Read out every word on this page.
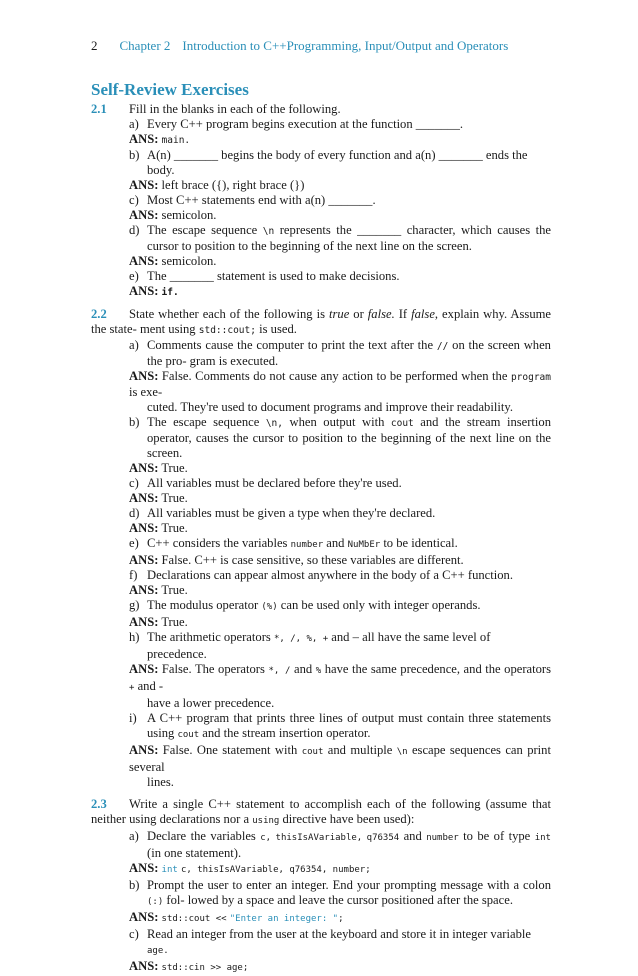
2 Chapter 2 Introduction to C++Programming, Input/Output and Operators
Self-Review Exercises

2.1 Fill in the blanks in each of the following.

a) Every C++ program begins execution at the function _______.

ANS: main.

b) A(n) _______ begins the body of every function and a(n) _______ ends the body.

ANS: left brace ({), right brace (})

c) Most C++ statements end with a(n) _______.

ANS: semicolon.

d) The escape sequence \n represents the _______ character, which causes the cursor to position to the beginning of the next line on the screen.

ANS: semicolon.

e) The _______ statement is used to make decisions.

ANS: if.

2.2 State whether each of the following is true or false. If false, explain why. Assume the state- ment using std::cout; is used.

a) Comments cause the computer to print the text after the // on the screen when the pro- gram is executed.

ANS: False. Comments do not cause any action to be performed when the program is exe-

cuted. They're used to document programs and improve their readability.

b) The escape sequence \n, when output with cout and the stream insertion operator, causes the cursor to position to the beginning of the next line on the screen.

ANS: True.

c) All variables must be declared before they're used.

ANS: True.

d) All variables must be given a type when they're declared.

ANS: True.

e) C++ considers the variables number and NuMbEr to be identical.

ANS: False. C++ is case sensitive, so these variables are different.

f) Declarations can appear almost anywhere in the body of a C++ function.

ANS: True.

g) The modulus operator (%) can be used only with integer operands.

ANS: True.

h) The arithmetic operators *, /, %, + and – all have the same level of precedence.

ANS: False. The operators *, / and % have the same precedence, and the operators + and -

have a lower precedence.

i) A C++ program that prints three lines of output must contain three statements using cout and the stream insertion operator.

ANS: False. One statement with cout and multiple \n escape sequences can print several

lines.

2.3 Write a single C++ statement to accomplish each of the following (assume that neither using declarations nor a using directive have been used):

a) Declare the variables c, thisIsAVariable, q76354 and number to be of type int (in one statement).

ANS: int c, thisIsAVariable, q76354, number;

b) Prompt the user to enter an integer. End your prompting message with a colon (:) fol- lowed by a space and leave the cursor positioned after the space.

ANS: std::cout << "Enter an integer: ";

c) Read an integer from the user at the keyboard and store it in integer variable age.

ANS: std::cin >> age;
